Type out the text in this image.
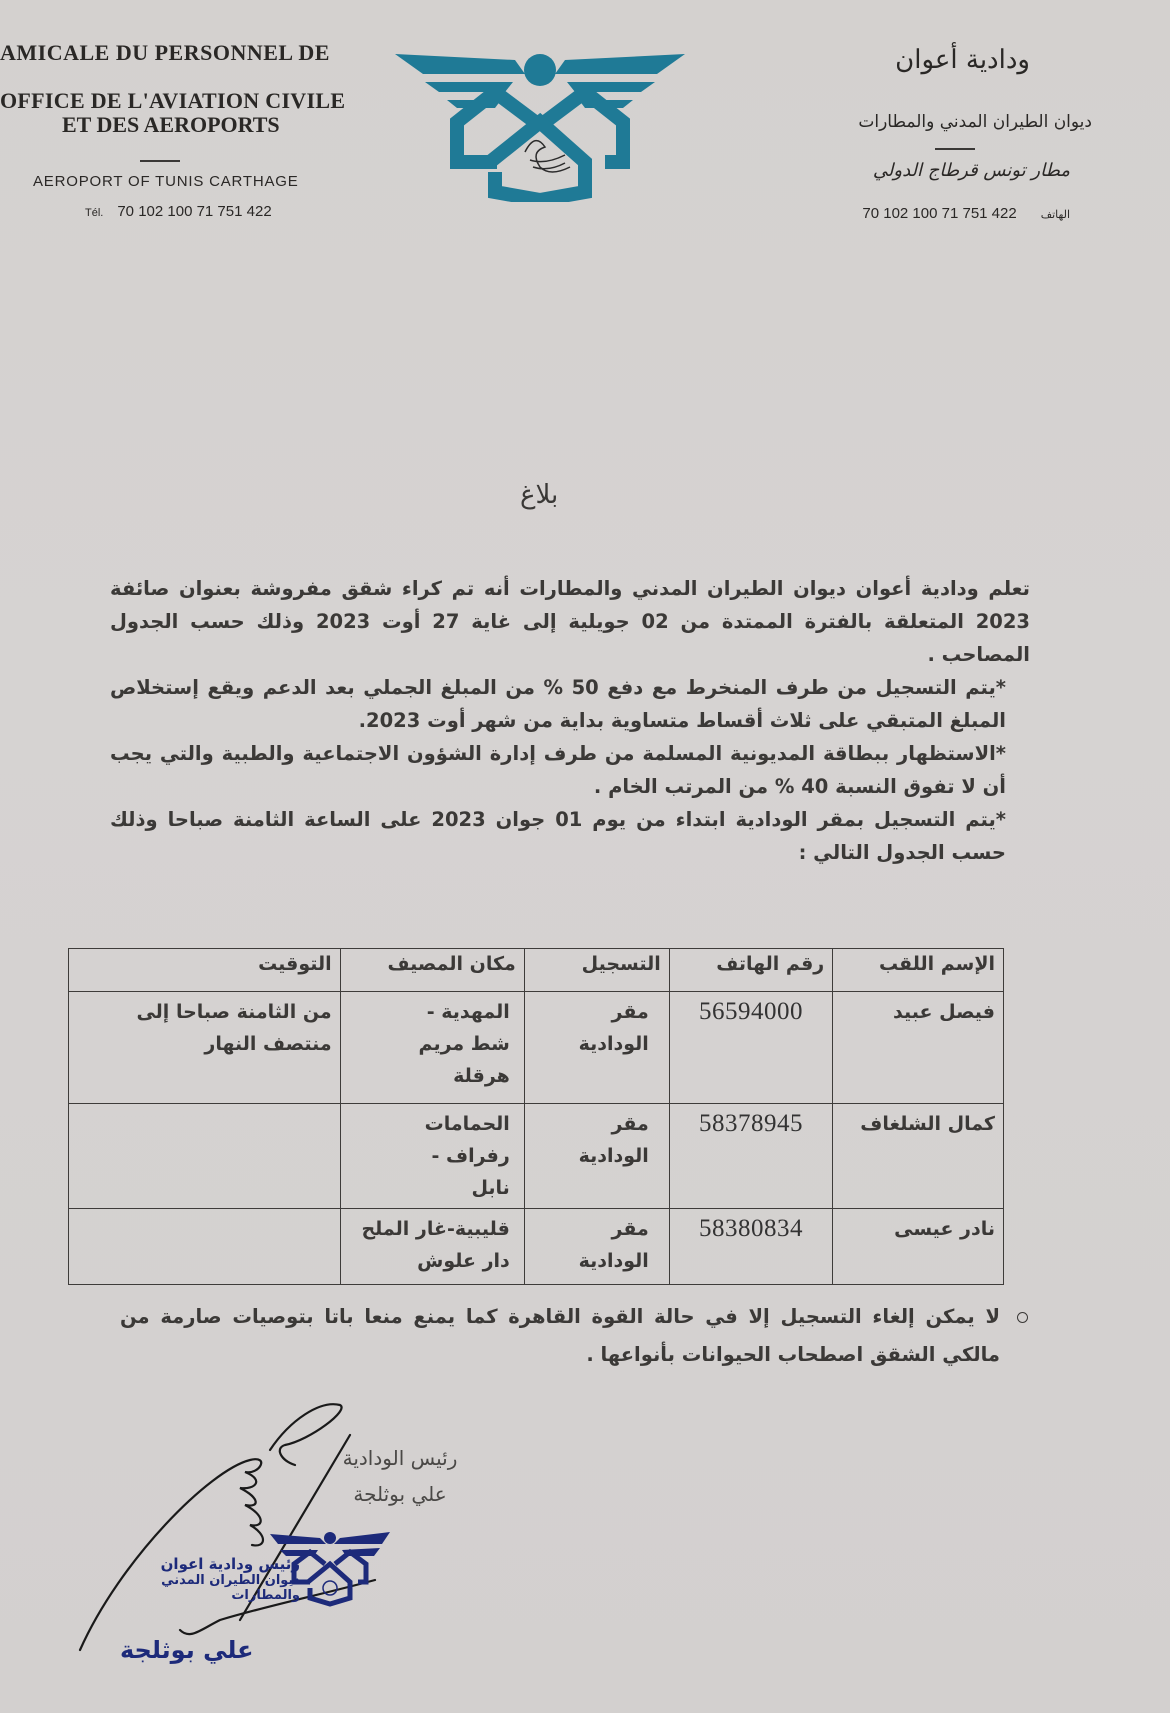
AMICALE DU PERSONNEL DE
OFFICE DE L'AVIATION CIVILE
ET DES AEROPORTS
AEROPORT OF TUNIS CARTHAGE
Tél. 70 102 100 71 751 422
ودادية أعوان
ديوان الطيران المدني والمطارات
مطار تونس قرطاج الدولي
الهاتف70 102 100 71 751 422
بلاغ

تعلم ودادية أعوان ديوان الطيران المدني والمطارات أنه تم كراء شقق مفروشة بعنوان صائفة 2023 المتعلقة بالفترة الممتدة من 02 جويلية إلى غاية 27 أوت 2023 وذلك حسب الجدول المصاحب .

*يتم التسجيل من طرف المنخرط مع دفع 50 % من المبلغ الجملي بعد الدعم ويقع إستخلاص المبلغ المتبقي على ثلاث أقساط متساوية بداية من شهر أوت 2023.

*الاستظهار ببطاقة المديونية المسلمة من طرف إدارة الشؤون الاجتماعية والطبية والتي يجب أن لا تفوق النسبة 40 % من المرتب الخام .

*يتم التسجيل بمقر الودادية ابتداء من يوم 01 جوان 2023 على الساعة الثامنة صباحا وذلك حسب الجدول التالي :

الإسم اللقب	رقم الهاتف	التسجيل	مكان المصيف	التوقيت
فيصل عبيد	56594000	مقر الودادية	المهدية - شط مريم هرقلة	من الثامنة صباحا إلى منتصف النهار
كمال الشلغاف	58378945	مقر الودادية	الحمامات رفراف - نابل	
نادر عيسى	58380834	مقر الودادية	قليبية-غار الملح دار علوش	
لا يمكن إلغاء التسجيل إلا في حالة القوة القاهرة كما يمنع منعا باتا بتوصيات صارمة من مالكي الشقق اصطحاب الحيوانات بأنواعها .
رئيس الودادية
علي بوثلجة
رئيس ودادية اعوان
ديوان الطيران المدني
والمطارات
علي بوثلجة
